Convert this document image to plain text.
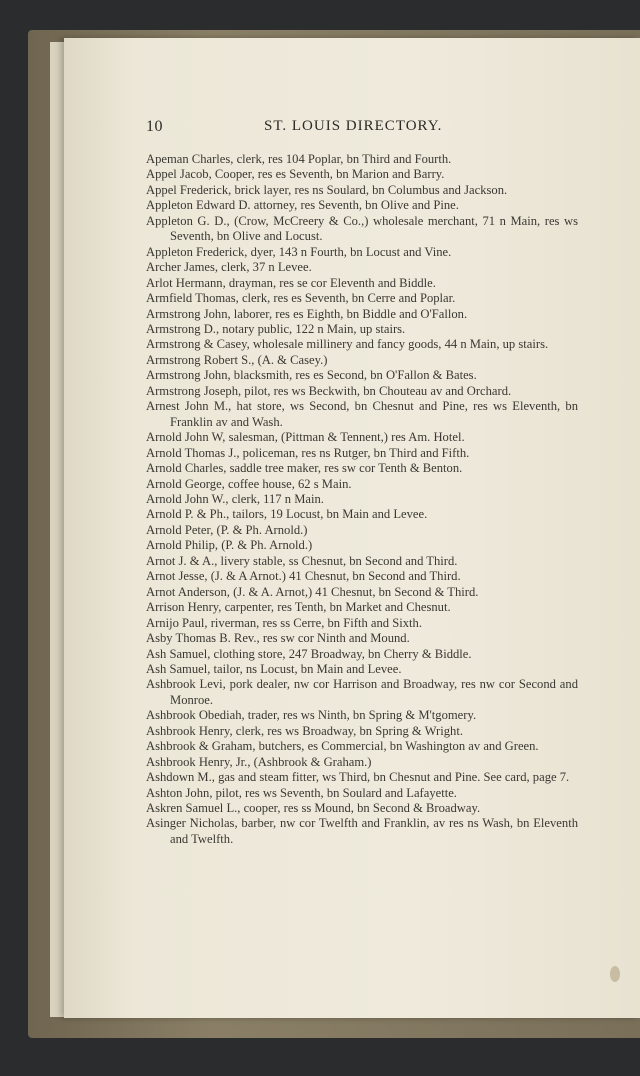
10	ST. LOUIS DIRECTORY.
Apeman Charles, clerk, res 104 Poplar, bn Third and Fourth.
Appel Jacob, Cooper, res es Seventh, bn Marion and Barry.
Appel Frederick, brick layer, res ns Soulard, bn Columbus and Jackson.
Appleton Edward D. attorney, res Seventh, bn Olive and Pine.
Appleton G. D., (Crow, McCreery & Co.,) wholesale merchant, 71 n Main, res ws Seventh, bn Olive and Locust.
Appleton Frederick, dyer, 143 n Fourth, bn Locust and Vine.
Archer James, clerk, 37 n Levee.
Arlot Hermann, drayman, res se cor Eleventh and Biddle.
Armfield Thomas, clerk, res es Seventh, bn Cerre and Poplar.
Armstrong John, laborer, res es Eighth, bn Biddle and O'Fallon.
Armstrong D., notary public, 122 n Main, up stairs.
Armstrong & Casey, wholesale millinery and fancy goods, 44 n Main, up stairs.
Armstrong Robert S., (A. & Casey.)
Armstrong John, blacksmith, res es Second, bn O'Fallon & Bates.
Armstrong Joseph, pilot, res ws Beckwith, bn Chouteau av and Orchard.
Arnest John M., hat store, ws Second, bn Chesnut and Pine, res ws Eleventh, bn Franklin av and Wash.
Arnold John W, salesman, (Pittman & Tennent,) res Am. Hotel.
Arnold Thomas J., policeman, res ns Rutger, bn Third and Fifth.
Arnold Charles, saddle tree maker, res sw cor Tenth & Benton.
Arnold George, coffee house, 62 s Main.
Arnold John W., clerk, 117 n Main.
Arnold P. & Ph., tailors, 19 Locust, bn Main and Levee.
Arnold Peter, (P. & Ph. Arnold.)
Arnold Philip, (P. & Ph. Arnold.)
Arnot J. & A., livery stable, ss Chesnut, bn Second and Third.
Arnot Jesse, (J. & A Arnot.) 41 Chesnut, bn Second and Third.
Arnot Anderson, (J. & A. Arnot,) 41 Chesnut, bn Second & Third.
Arrison Henry, carpenter, res Tenth, bn Market and Chesnut.
Arnijo Paul, riverman, res ss Cerre, bn Fifth and Sixth.
Asby Thomas B. Rev., res sw cor Ninth and Mound.
Ash Samuel, clothing store, 247 Broadway, bn Cherry & Biddle.
Ash Samuel, tailor, ns Locust, bn Main and Levee.
Ashbrook Levi, pork dealer, nw cor Harrison and Broadway, res nw cor Second and Monroe.
Ashbrook Obediah, trader, res ws Ninth, bn Spring & M'tgomery.
Ashbrook Henry, clerk, res ws Broadway, bn Spring & Wright.
Ashbrook & Graham, butchers, es Commercial, bn Washington av and Green.
Ashbrook Henry, Jr., (Ashbrook & Graham.)
Ashdown M., gas and steam fitter, ws Third, bn Chesnut and Pine. See card, page 7.
Ashton John, pilot, res ws Seventh, bn Soulard and Lafayette.
Askren Samuel L., cooper, res ss Mound, bn Second & Broadway.
Asinger Nicholas, barber, nw cor Twelfth and Franklin, av res ns Wash, bn Eleventh and Twelfth.
